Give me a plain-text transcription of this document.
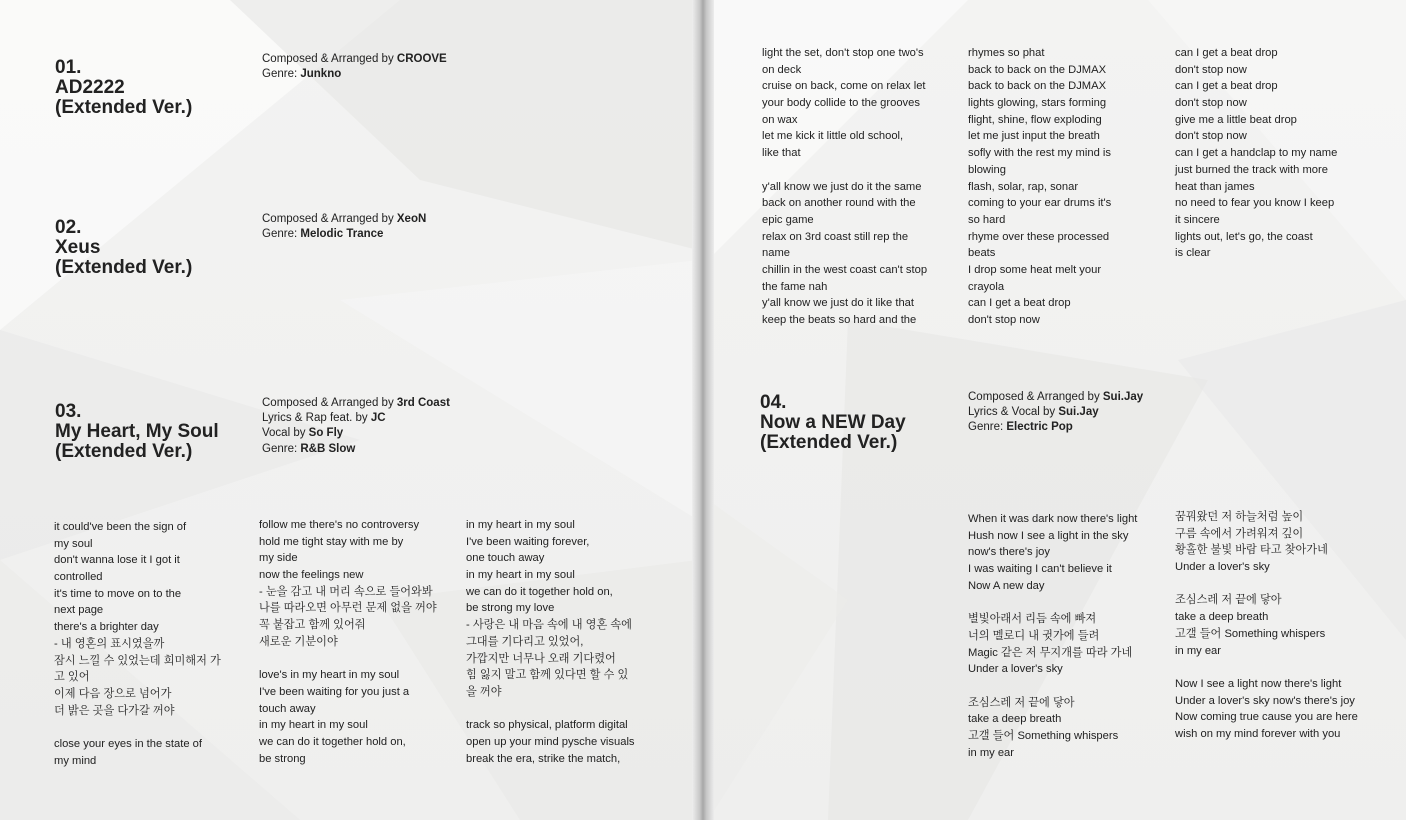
01.
AD2222
(Extended Ver.)
Composed & Arranged by CROOVE
Genre: Junkno
02.
Xeus
(Extended Ver.)
Composed & Arranged by XeoN
Genre: Melodic Trance
03.
My Heart, My Soul
(Extended Ver.)
Composed & Arranged by 3rd Coast
Lyrics & Rap feat. by JC
Vocal by So Fly
Genre: R&B Slow
it could've been the sign of
my soul
don't wanna lose it I got it
controlled
it's time to move on to the
next page
there's a brighter day
- 내 영혼의 표시였을까
잠시 느낄 수 있었는데 희미해저 가
고 있어
이제 다음 장으로 넘어가
더 밝은 곳을 다가갈 꺼야
close your eyes in the state of
my mind
follow me there's no controversy
hold me tight stay with me by
my side
now the feelings new
- 눈을 감고 내 머리 속으로 들어와봐
나를 따라오면 아무런 문제 없을 꺼야
꼭 붙잡고 함께 있어줘
새로운 기분이야
love's in my heart in my soul
I've been waiting for you just a
touch away
in my heart in my soul
we can do it together hold on,
be strong
in my heart in my soul
I've been waiting forever,
one touch away
in my heart in my soul
we can do it together hold on,
be strong my love
- 사랑은 내 마음 속에 내 영혼 속에
그대를 기다리고 있었어,
가깝지만 너무나 오래 기다렸어
힘 잃지 말고 함께 있다면 할 수 있
을 꺼야
track so physical, platform digital
open up your mind pysche visuals
break the era, strike the match,
light the set, don't stop one two's
on deck
cruise on back, come on relax let
your body collide to the grooves
on wax
let me kick it little old school,
like that
y'all know we just do it the same
back on another round with the
epic game
relax on 3rd coast still rep the
name
chillin in the west coast can't stop
the fame nah
y'all know we just do it like that
keep the beats so hard and the
rhymes so phat
back to back on the DJMAX
back to back on the DJMAX
lights glowing, stars forming
flight, shine, flow exploding
let me just input the breath
sofly with the rest my mind is
blowing
flash, solar, rap, sonar
coming to your ear drums it's
so hard
rhyme over these processed
beats
I drop some heat melt your
crayola
can I get a beat drop
don't stop now
can I get a beat drop
don't stop now
can I get a beat drop
don't stop now
give me a little beat drop
don't stop now
can I get a handclap to my name
just burned the track with more
heat than james
no need to fear you know I keep
it sincere
lights out, let's go, the coast
is clear
04.
Now a NEW Day
(Extended Ver.)
Composed & Arranged by Sui.Jay
Lyrics & Vocal by Sui.Jay
Genre: Electric Pop
When it was dark now there's light
Hush now I see a light in the sky
now's there's joy
I was waiting I can't believe it
Now A new day
별빛아래서 리듬 속에 빠져
너의 멜로디 내 귓가에 들려
Magic 같은 저 무지개를 따라 가네
Under a lover's sky
조심스레 저 끝에 닿아
take a deep breath
고갤 들어 Something whispers
in my ear
꿈꿔왔던 저 하늘처럼 높이
구름 속에서 가려워져 깊이
황홀한 불빛 바람 타고 찾아가네
Under a lover's sky
조심스레 저 끝에 닿아
take a deep breath
고갤 들어 Something whispers
in my ear
Now I see a light now there's light
Under a lover's sky now's there's joy
Now coming true cause you are here
wish on my mind forever with you
